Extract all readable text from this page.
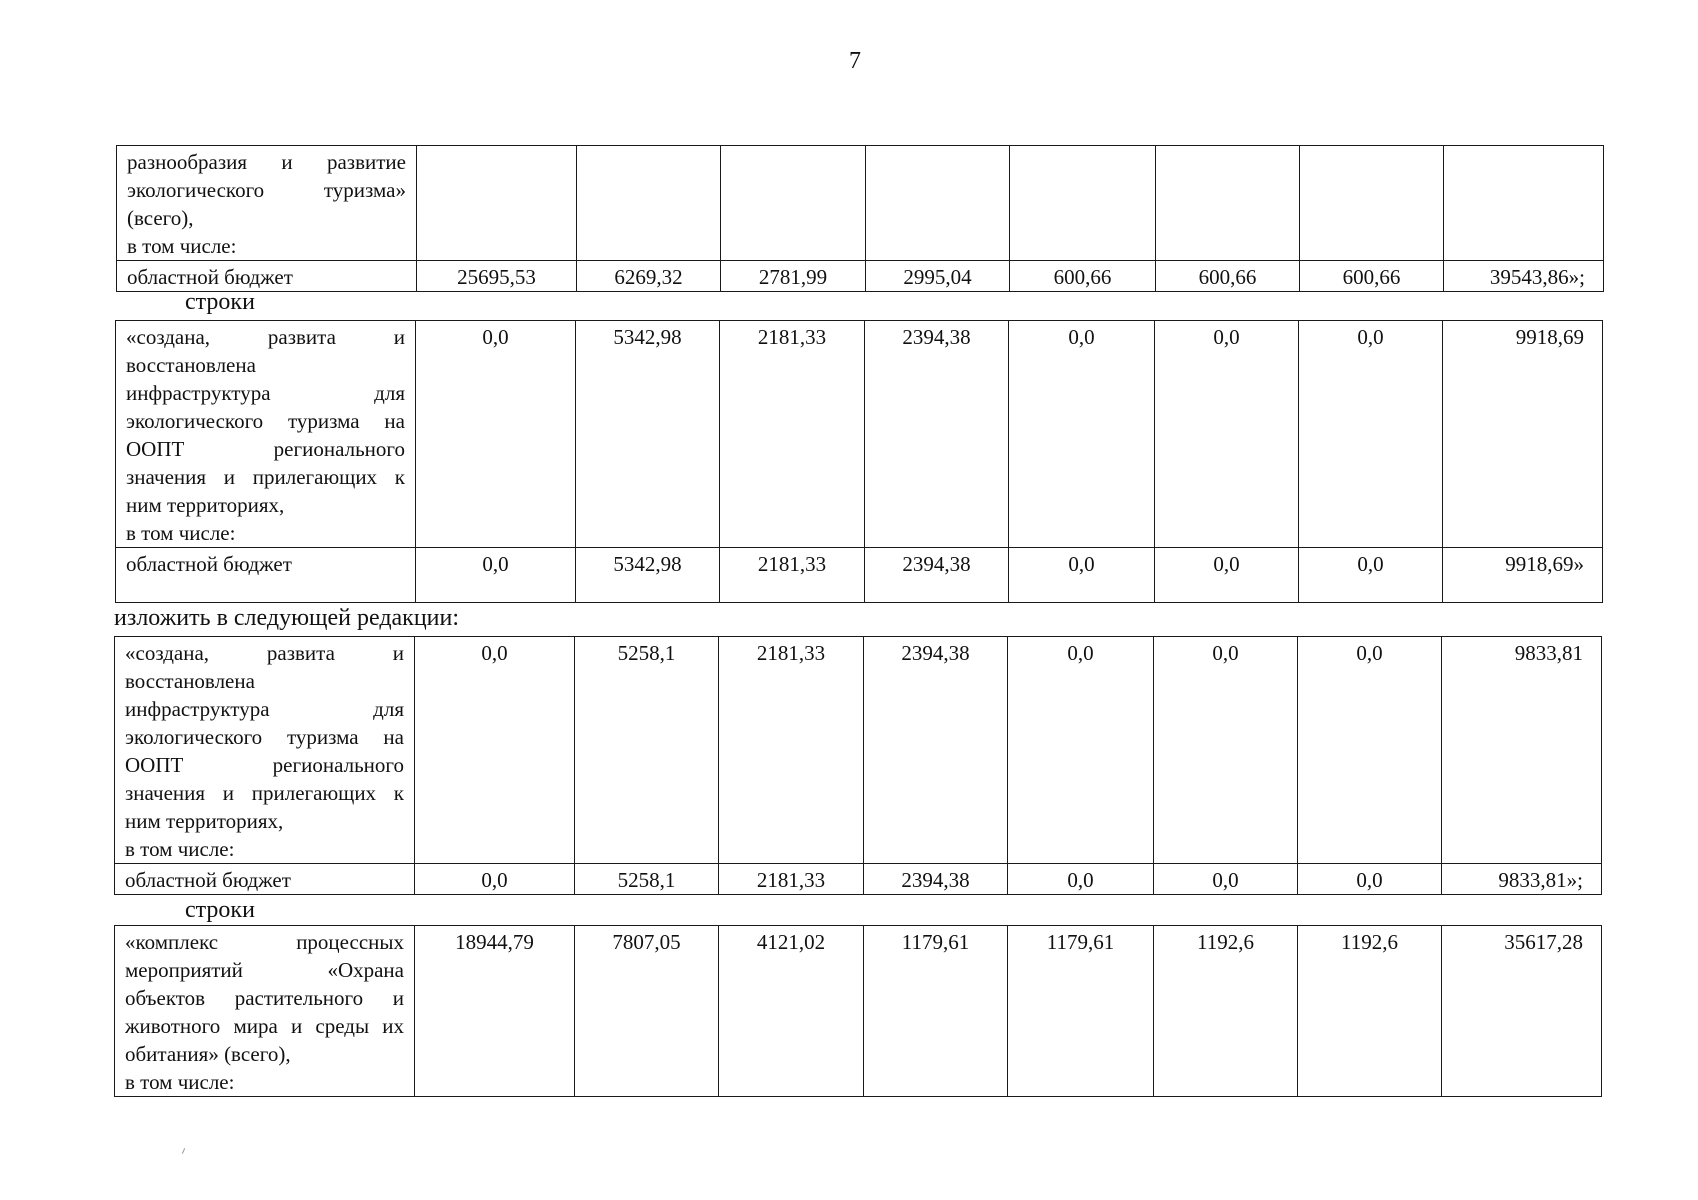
7
разнообразия и развитие экологического туризма» (всего),
в том числе:								
областной бюджет	25695,53	6269,32	2781,99	2995,04	600,66	600,66	600,66	39543,86»;
строки
«создана, развита и восстановлена инфраструктура для экологического туризма на ООПТ регионального значения и прилегающих к ним территориях,
в том числе:	0,0	5342,98	2181,33	2394,38	0,0	0,0	0,0	9918,69
областной бюджет	0,0	5342,98	2181,33	2394,38	0,0	0,0	0,0	9918,69»
изложить в следующей редакции:
«создана, развита и восстановлена инфраструктура для экологического туризма на ООПТ регионального значения и прилегающих к ним территориях,
в том числе:	0,0	5258,1	2181,33	2394,38	0,0	0,0	0,0	9833,81
областной бюджет	0,0	5258,1	2181,33	2394,38	0,0	0,0	0,0	9833,81»;
строки
«комплекс процессных мероприятий «Охрана объектов растительного и животного мира и среды их обитания» (всего),
в том числе:	18944,79	7807,05	4121,02	1179,61	1179,61	1192,6	1192,6	35617,28
